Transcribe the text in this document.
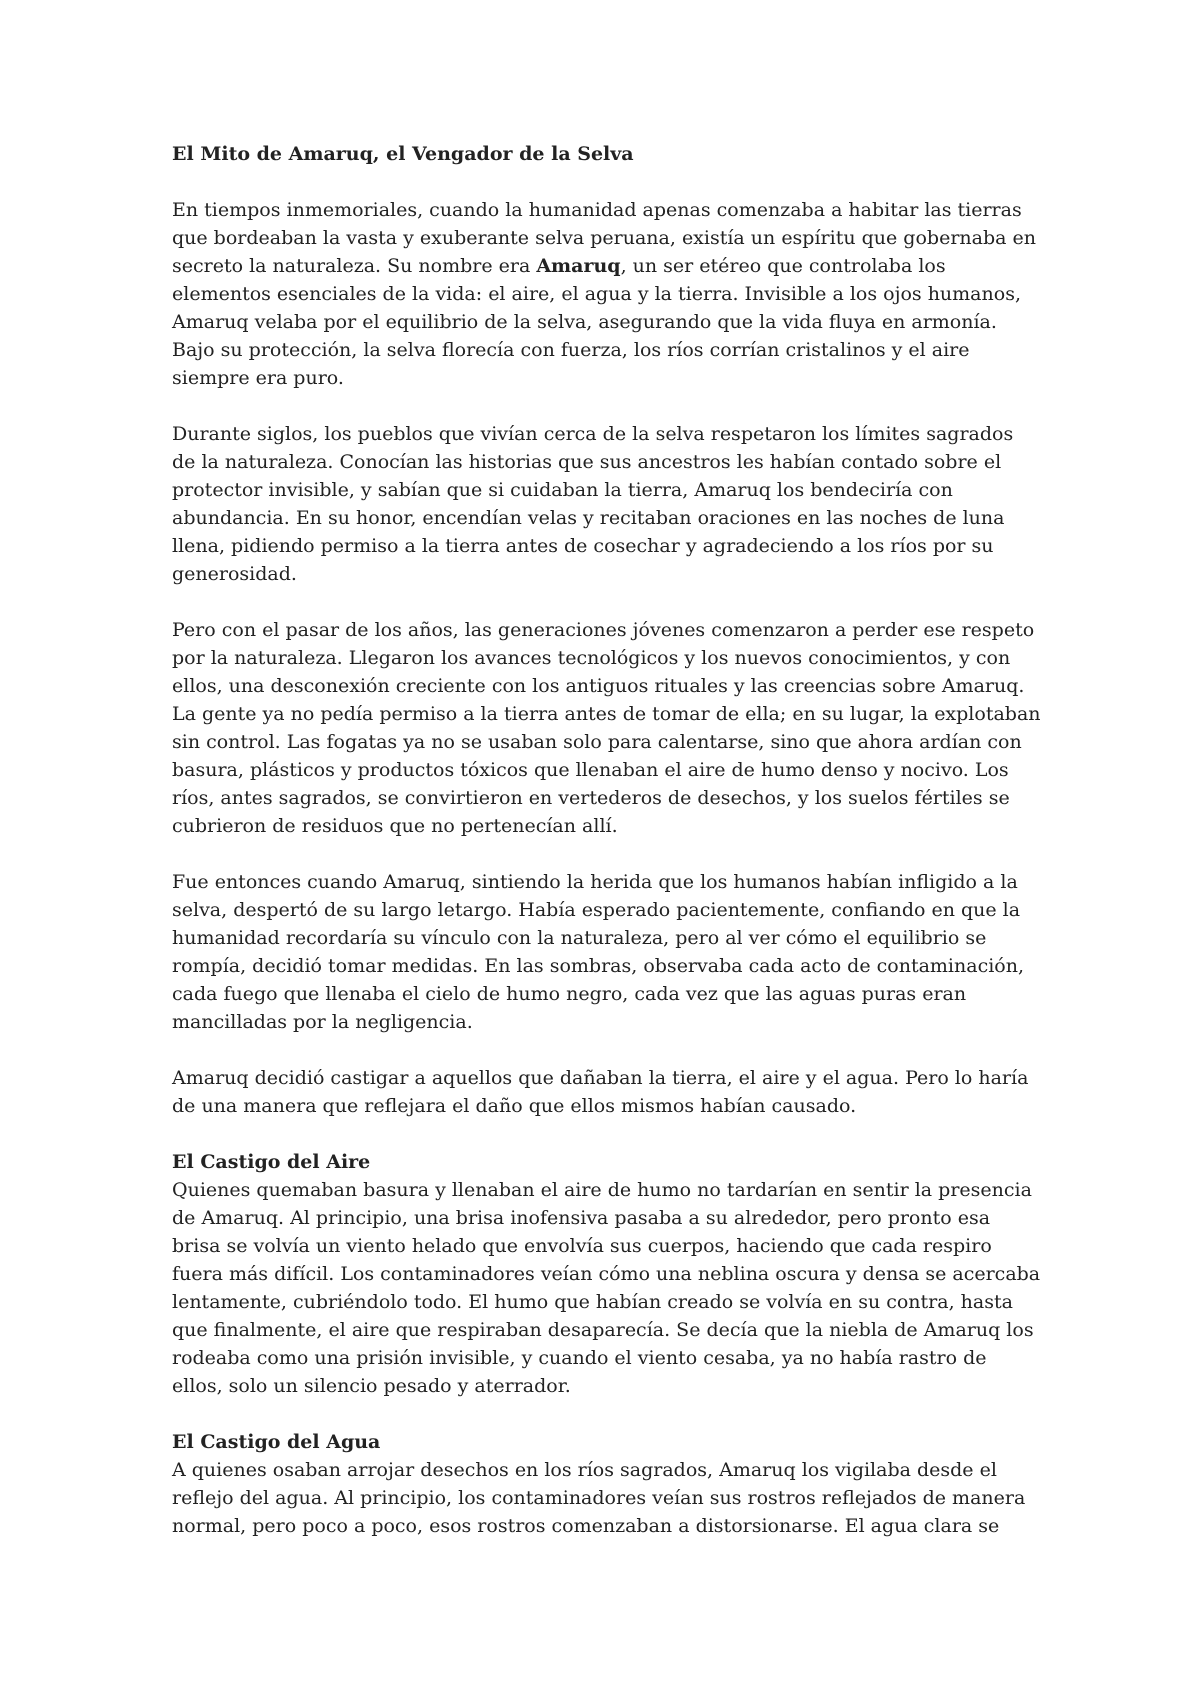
El Mito de Amaruq, el Vengador de la Selva

En tiempos inmemoriales, cuando la humanidad apenas comenzaba a habitar las tierras que bordeaban la vasta y exuberante selva peruana, existía un espíritu que gobernaba en secreto la naturaleza. Su nombre era Amaruq, un ser etéreo que controlaba los elementos esenciales de la vida: el aire, el agua y la tierra. Invisible a los ojos humanos, Amaruq velaba por el equilibrio de la selva, asegurando que la vida fluya en armonía. Bajo su protección, la selva florecía con fuerza, los ríos corrían cristalinos y el aire siempre era puro.

Durante siglos, los pueblos que vivían cerca de la selva respetaron los límites sagrados de la naturaleza. Conocían las historias que sus ancestros les habían contado sobre el protector invisible, y sabían que si cuidaban la tierra, Amaruq los bendeciría con abundancia. En su honor, encendían velas y recitaban oraciones en las noches de luna llena, pidiendo permiso a la tierra antes de cosechar y agradeciendo a los ríos por su generosidad.

Pero con el pasar de los años, las generaciones jóvenes comenzaron a perder ese respeto por la naturaleza. Llegaron los avances tecnológicos y los nuevos conocimientos, y con ellos, una desconexión creciente con los antiguos rituales y las creencias sobre Amaruq. La gente ya no pedía permiso a la tierra antes de tomar de ella; en su lugar, la explotaban sin control. Las fogatas ya no se usaban solo para calentarse, sino que ahora ardían con basura, plásticos y productos tóxicos que llenaban el aire de humo denso y nocivo. Los ríos, antes sagrados, se convirtieron en vertederos de desechos, y los suelos fértiles se cubrieron de residuos que no pertenecían allí.

Fue entonces cuando Amaruq, sintiendo la herida que los humanos habían infligido a la selva, despertó de su largo letargo. Había esperado pacientemente, confiando en que la humanidad recordaría su vínculo con la naturaleza, pero al ver cómo el equilibrio se rompía, decidió tomar medidas. En las sombras, observaba cada acto de contaminación, cada fuego que llenaba el cielo de humo negro, cada vez que las aguas puras eran mancilladas por la negligencia.

Amaruq decidió castigar a aquellos que dañaban la tierra, el aire y el agua. Pero lo haría de una manera que reflejara el daño que ellos mismos habían causado.

El Castigo del Aire
Quienes quemaban basura y llenaban el aire de humo no tardarían en sentir la presencia de Amaruq. Al principio, una brisa inofensiva pasaba a su alrededor, pero pronto esa brisa se volvía un viento helado que envolvía sus cuerpos, haciendo que cada respiro fuera más difícil. Los contaminadores veían cómo una neblina oscura y densa se acercaba lentamente, cubriéndolo todo. El humo que habían creado se volvía en su contra, hasta que finalmente, el aire que respiraban desaparecía. Se decía que la niebla de Amaruq los rodeaba como una prisión invisible, y cuando el viento cesaba, ya no había rastro de ellos, solo un silencio pesado y aterrador.
El Castigo del Agua
A quienes osaban arrojar desechos en los ríos sagrados, Amaruq los vigilaba desde el reflejo del agua. Al principio, los contaminadores veían sus rostros reflejados de manera normal, pero poco a poco, esos rostros comenzaban a distorsionarse. El agua clara se
